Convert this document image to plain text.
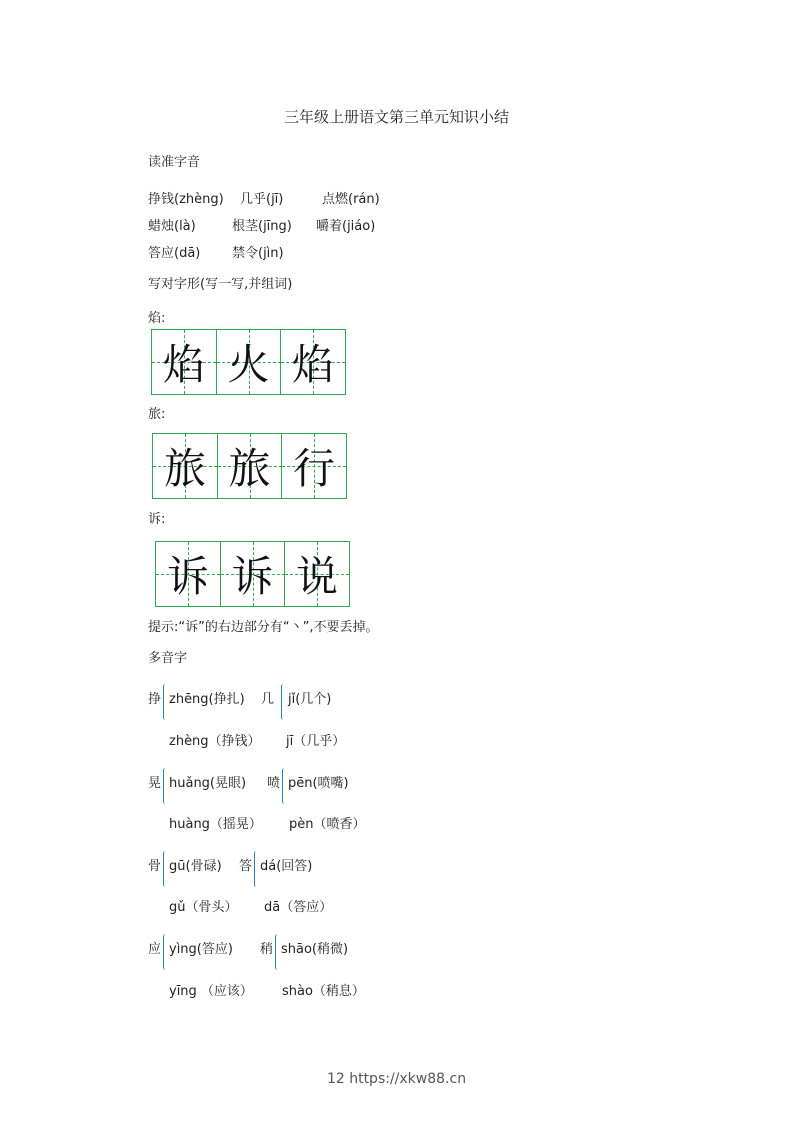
三年级上册语文第三单元知识小结
读准字音
挣钱(zhèng) 几乎(jī)	点燃(rán)
蜡烛(là)	根茎(jīng) 嚼着(jiáo)
答应(dā) 禁令(jìn)
写对字形(写一写,并组词)
焰:
焰 火 焰
旅:
旅 旅 行
诉:
诉 诉 说
提示:“诉”的右边部分有“丶”,不要丢掉。
多音字
挣 zhēng(挣扎)
zhèng（挣钱）
几 jǐ(几个)
jī（几乎）
晃 huǎng(晃眼)
huàng（摇晃）
喷 pēn(喷嘴)
pèn（喷香）
骨 gū(骨碌)
gǔ（骨头）
答 dá(回答)
dā（答应）
应 yìng(答应)
yīng （应该）
稍 shāo(稍微)
shào（稍息）
12 https://xkw88.cn
